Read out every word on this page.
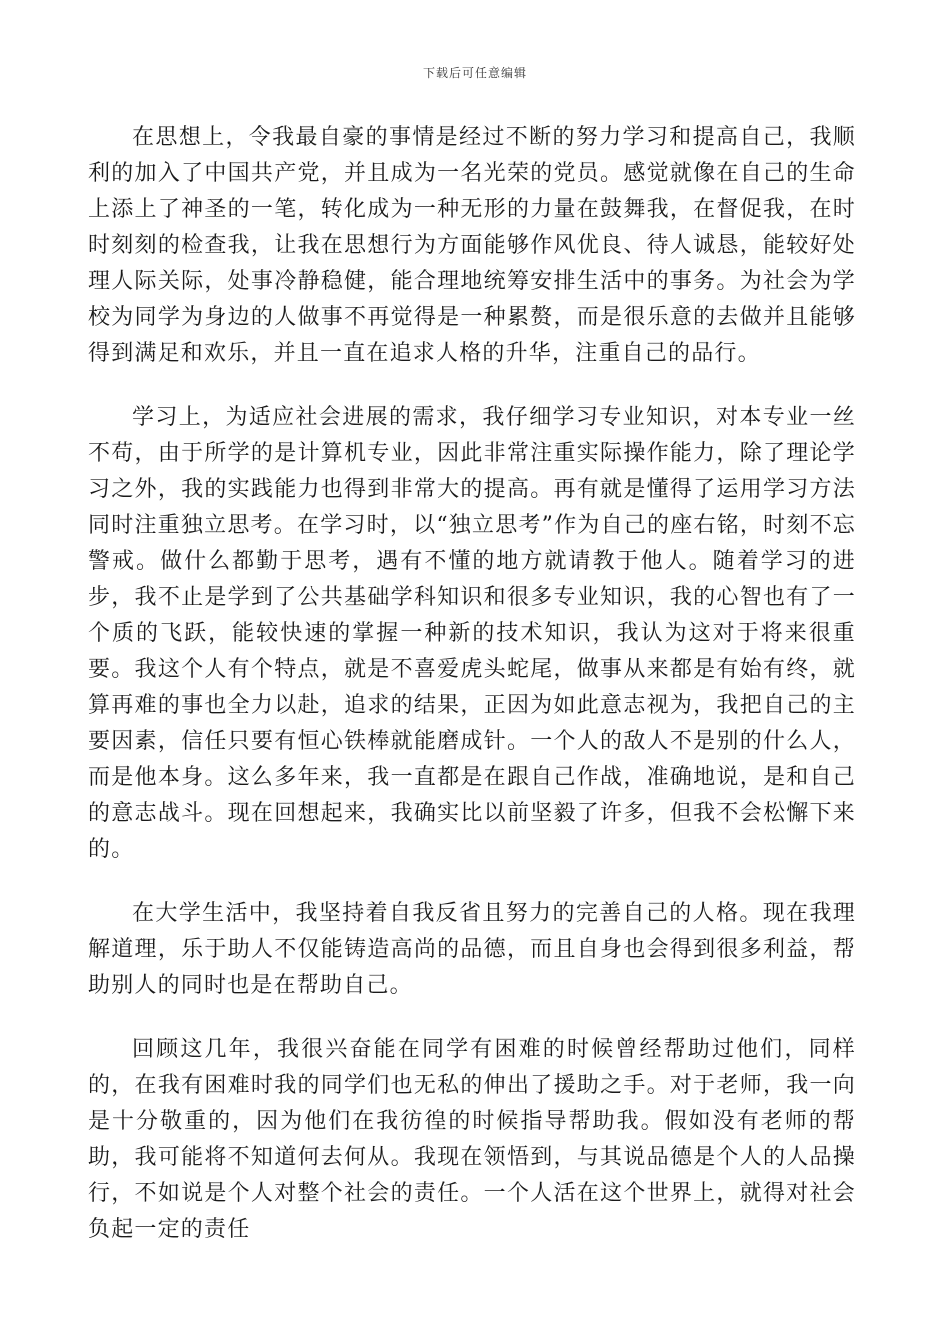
下载后可任意编辑

在思想上，令我最自豪的事情是经过不断的努力学习和提高自己，我顺利的加入了中国共产党，并且成为一名光荣的党员。感觉就像在自己的生命上添上了神圣的一笔，转化成为一种无形的力量在鼓舞我，在督促我，在时时刻刻的检查我，让我在思想行为方面能够作风优良、待人诚恳，能较好处理人际关际，处事冷静稳健，能合理地统筹安排生活中的事务。为社会为学校为同学为身边的人做事不再觉得是一种累赘，而是很乐意的去做并且能够得到满足和欢乐，并且一直在追求人格的升华，注重自己的品行。

学习上，为适应社会进展的需求，我仔细学习专业知识，对本专业一丝不苟，由于所学的是计算机专业，因此非常注重实际操作能力，除了理论学习之外，我的实践能力也得到非常大的提高。再有就是懂得了运用学习方法同时注重独立思考。在学习时，以“独立思考”作为自己的座右铭，时刻不忘警戒。做什么都勤于思考，遇有不懂的地方就请教于他人。随着学习的进步，我不止是学到了公共基础学科知识和很多专业知识，我的心智也有了一个质的飞跃，能较快速的掌握一种新的技术知识，我认为这对于将来很重要。我这个人有个特点，就是不喜爱虎头蛇尾，做事从来都是有始有终，就算再难的事也全力以赴，追求的结果，正因为如此意志视为，我把自己的主要因素，信任只要有恒心铁棒就能磨成针。一个人的敌人不是别的什么人，而是他本身。这么多年来，我一直都是在跟自己作战，准确地说，是和自己的意志战斗。现在回想起来，我确实比以前坚毅了许多，但我不会松懈下来的。

在大学生活中，我坚持着自我反省且努力的完善自己的人格。现在我理解道理，乐于助人不仅能铸造高尚的品德，而且自身也会得到很多利益，帮助别人的同时也是在帮助自己。

回顾这几年，我很兴奋能在同学有困难的时候曾经帮助过他们，同样的，在我有困难时我的同学们也无私的伸出了援助之手。对于老师，我一向是十分敬重的，因为他们在我彷徨的时候指导帮助我。假如没有老师的帮助，我可能将不知道何去何从。我现在领悟到，与其说品德是个人的人品操行，不如说是个人对整个社会的责任。一个人活在这个世界上，就得对社会负起一定的责任
